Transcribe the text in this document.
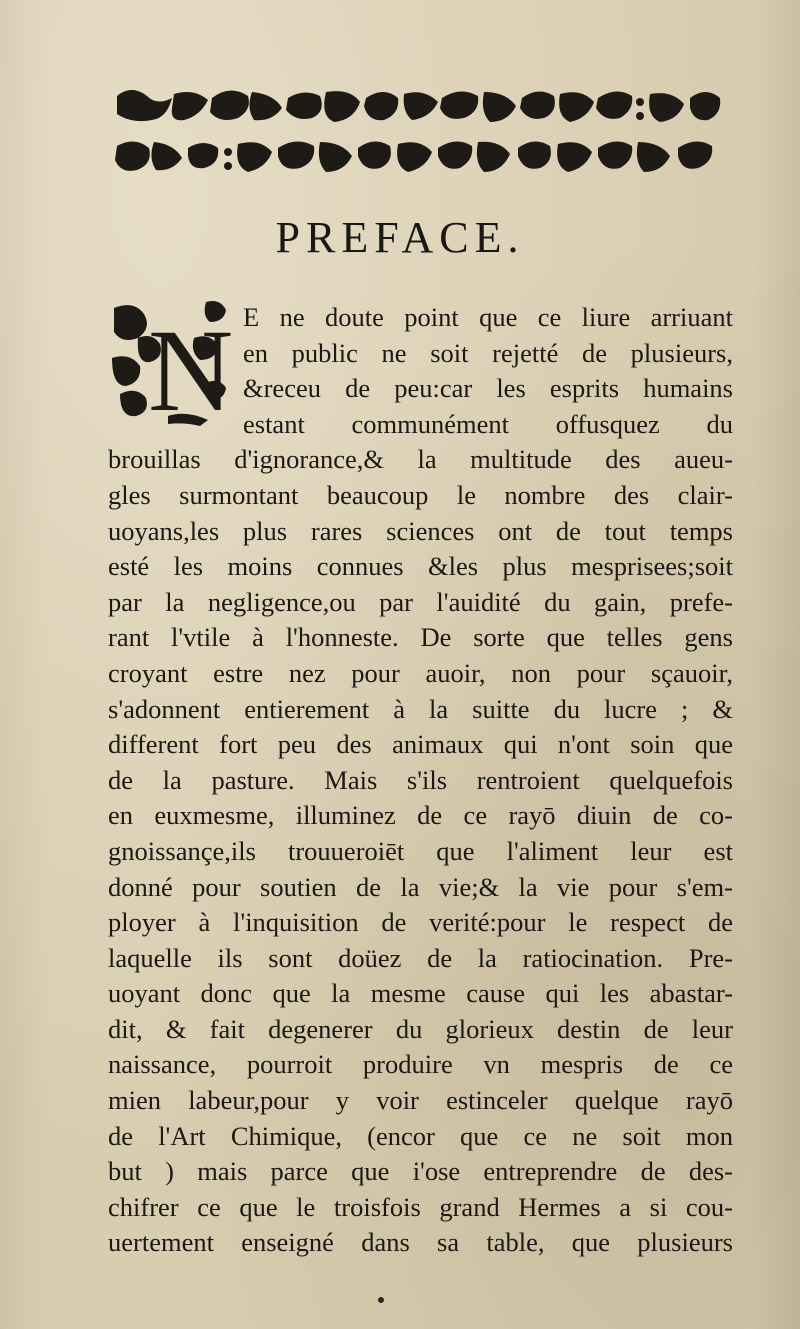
PREFACE.
N E ne doute point que ce liure arriuant
en public ne soit rejetté de plusieurs,
&receu de peu:car les esprits humains
estant communément offusquez du
brouillas d'ignorance,& la multitude des aueu-
gles surmontant beaucoup le nombre des clair-
uoyans,les plus rares sciences ont de tout temps
esté les moins connues &les plus mesprisees;soit
par la negligence,ou par l'auidité du gain, prefe-
rant l'vtile à l'honneste. De sorte que telles gens
croyant estre nez pour auoir, non pour sçauoir,
s'adonnent entierement à la suitte du lucre ; &
different fort peu des animaux qui n'ont soin que
de la pasture. Mais s'ils rentroient quelquefois
en euxmesme, illuminez de ce rayō diuin de co-
gnoissançe,ils trouueroiēt que l'aliment leur est
donné pour soutien de la vie;& la vie pour s'em-
ployer à l'inquisition de verité:pour le respect de
laquelle ils sont doüez de la ratiocination. Pre-
uoyant donc que la mesme cause qui les abastar-
dit, & fait degenerer du glorieux destin de leur
naissance, pourroit produire vn mespris de ce
mien labeur,pour y voir estinceler quelque rayō
de l'Art Chimique, (encor que ce ne soit mon
but ) mais parce que i'ose entreprendre de des-
chifrer ce que le troisfois grand Hermes a si cou-
uertement enseigné dans sa table, que plusieurs
